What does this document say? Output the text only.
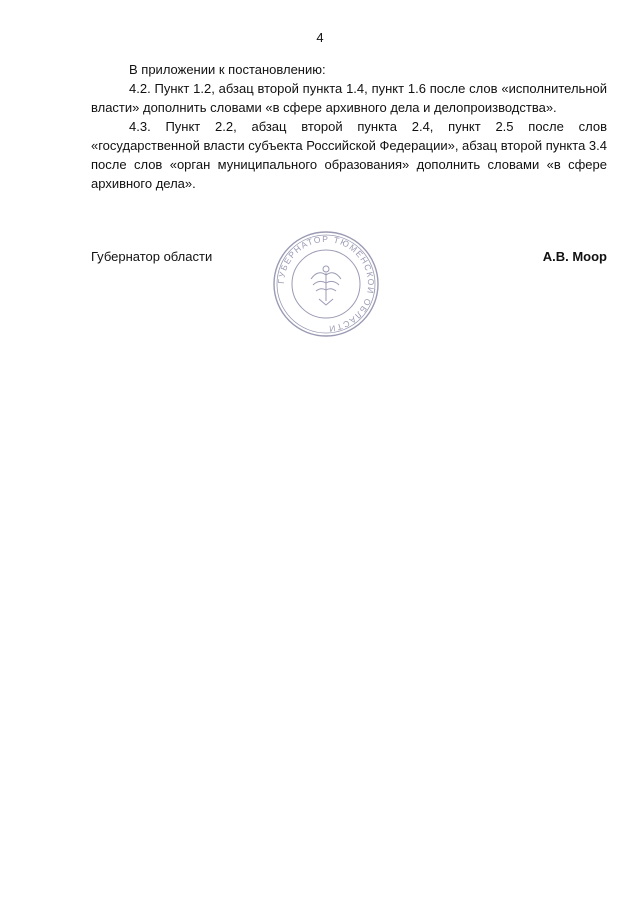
4

В приложении к постановлению:

4.2. Пункт 1.2, абзац второй пункта 1.4, пункт 1.6 после слов «исполнительной власти» дополнить словами «в сфере архивного дела и делопроизводства».

4.3. Пункт 2.2, абзац второй пункта 2.4, пункт 2.5 после слов «государственной власти субъекта Российской Федерации», абзац второй пункта 3.4 после слов «орган муниципального образования» дополнить словами «в сфере архивного дела».

Губернатор области
ГУБЕРНАТОР ТЮМЕНСКОЙ ОБЛАСТИ
А.В. Моор
